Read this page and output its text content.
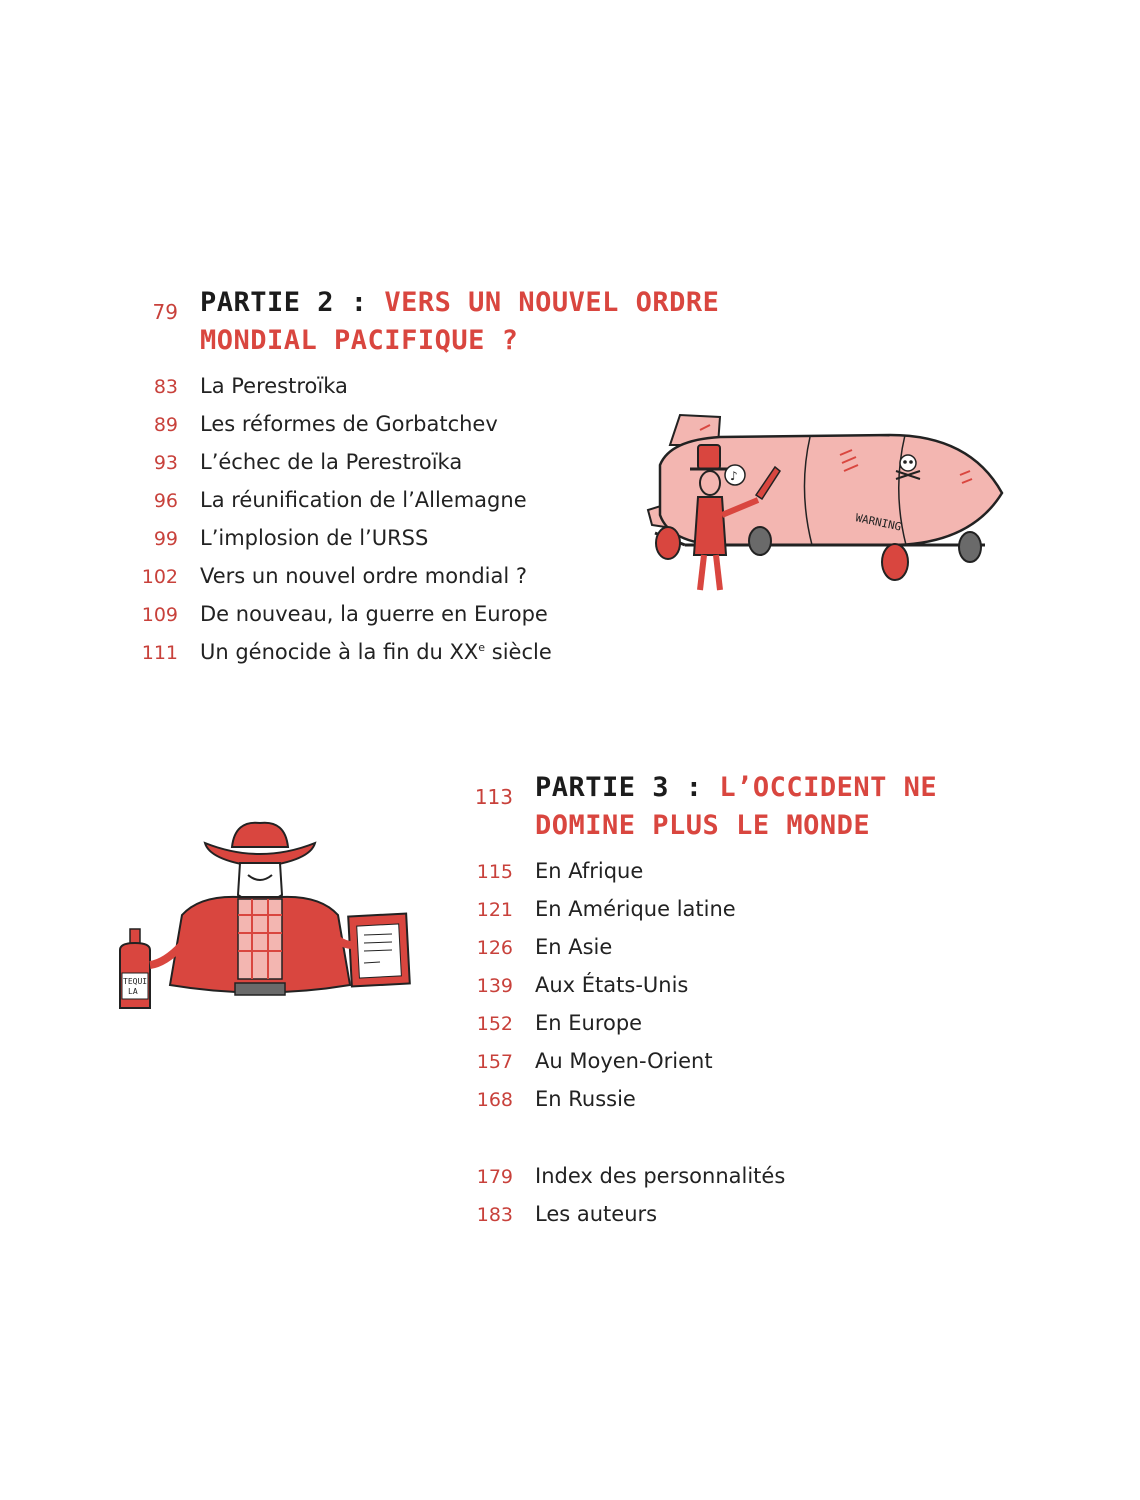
79 PARTIE 2 : VERS UN NOUVEL ORDRE MONDIAL PACIFIQUE ?
83 La Perestroïka
89 Les réformes de Gorbatchev
93 L’échec de la Perestroïka
96 La réunification de l’Allemagne
99 L’implosion de l’URSS
102 Vers un nouvel ordre mondial ?
109 De nouveau, la guerre en Europe
111 Un génocide à la fin du XXe siècle
WARNING
♪
113 PARTIE 3 : L’OCCIDENT NE DOMINE PLUS LE MONDE
115 En Afrique
121 En Amérique latine
126 En Asie
139 Aux États-Unis
152 En Europe
157 Au Moyen-Orient
168 En Russie
179 Index des personnalités
183 Les auteurs
TEQUI
LA
